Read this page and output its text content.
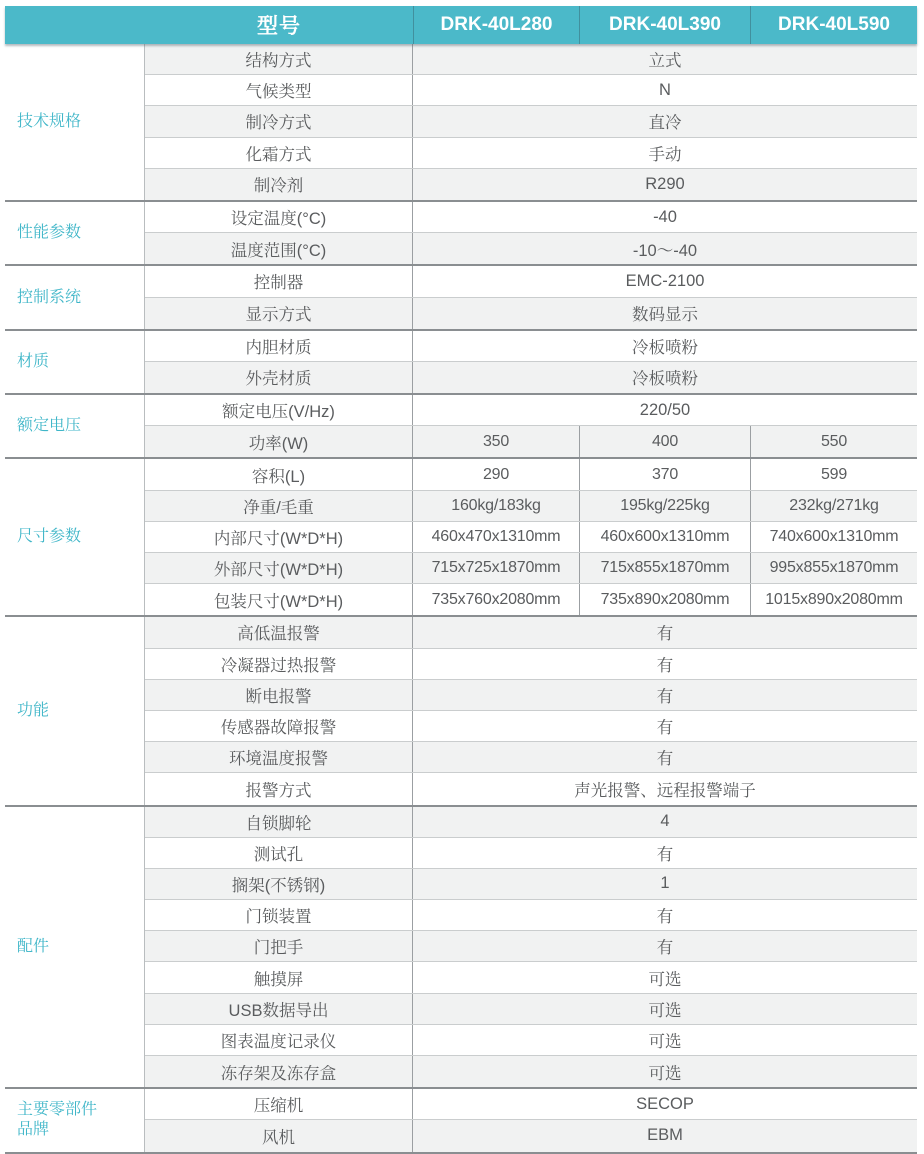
型号	DRK-40L280	DRK-40L390	DRK-40L590
技术规格
结构方式	立式
气候类型	N
制冷方式	直冷
化霜方式	手动
制冷剂	R290
性能参数
设定温度(°C)	-40
温度范围(°C)	-10～-40
控制系统
控制器	EMC-2100
显示方式	数码显示
材质
内胆材质	冷板喷粉
外壳材质	冷板喷粉
额定电压
额定电压(V/Hz)	220/50
功率(W)	350	400	550
尺寸参数
容积(L)	290	370	599
净重/毛重	160kg/183kg	195kg/225kg	232kg/271kg
内部尺寸(W*D*H)	460x470x1310mm	460x600x1310mm	740x600x1310mm
外部尺寸(W*D*H)	715x725x1870mm	715x855x1870mm	995x855x1870mm
包装尺寸(W*D*H)	735x760x2080mm	735x890x2080mm	1015x890x2080mm
功能
高低温报警	有
冷凝器过热报警	有
断电报警	有
传感器故障报警	有
环境温度报警	有
报警方式	声光报警、远程报警端子
配件
自锁脚轮	4
测试孔	有
搁架(不锈钢)	1
门锁装置	有
门把手	有
触摸屏	可选
USB数据导出	可选
图表温度记录仪	可选
冻存架及冻存盒	可选
主要零部件品牌
压缩机	SECOP
风机	EBM
